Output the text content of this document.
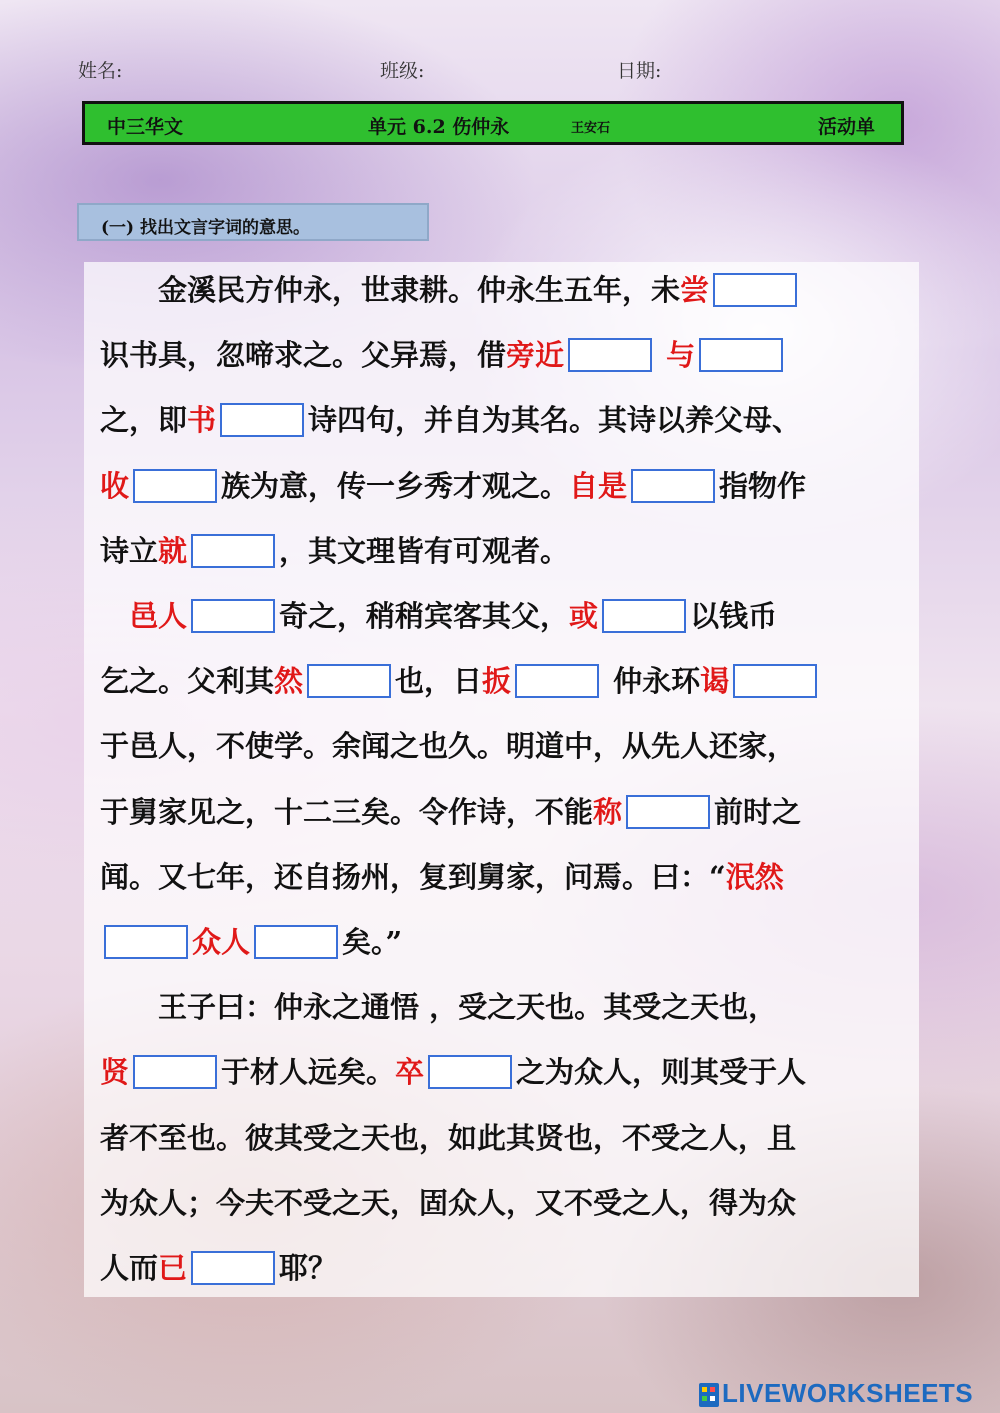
姓名:	班级:	日期:
中三华文	单元 6.2 伤仲永	王安石	活动单
(一) 找出文言字词的意思。
　　金溪民方仲永，世隶耕。仲永生五年，未尝
识书具，忽啼求之。父异焉，借旁近	与
之，即书	诗四句，并自为其名。其诗以养父母、
收	族为意，传一乡秀才观之。自是	指物作
诗立就	，其文理皆有可观者。
　邑人	奇之，稍稍宾客其父，或	以钱币
乞之。父利其然	也，日扳	仲永环谒
于邑人，不使学。余闻之也久。明道中，从先人还家，
于舅家见之，十二三矣。令作诗，不能称	前时之
闻。又七年，还自扬州，复到舅家，问焉。曰：“泯然
众人	矣。”
　　王子曰：仲永之通悟 ，受之天也。其受之天也，
贤	于材人远矣。卒	之为众人，则其受于人
者不至也。彼其受之天也，如此其贤也，不受之人，且
为众人；今夫不受之天，固众人，又不受之人，得为众
人而已	耶？
LIVEWORKSHEETS
